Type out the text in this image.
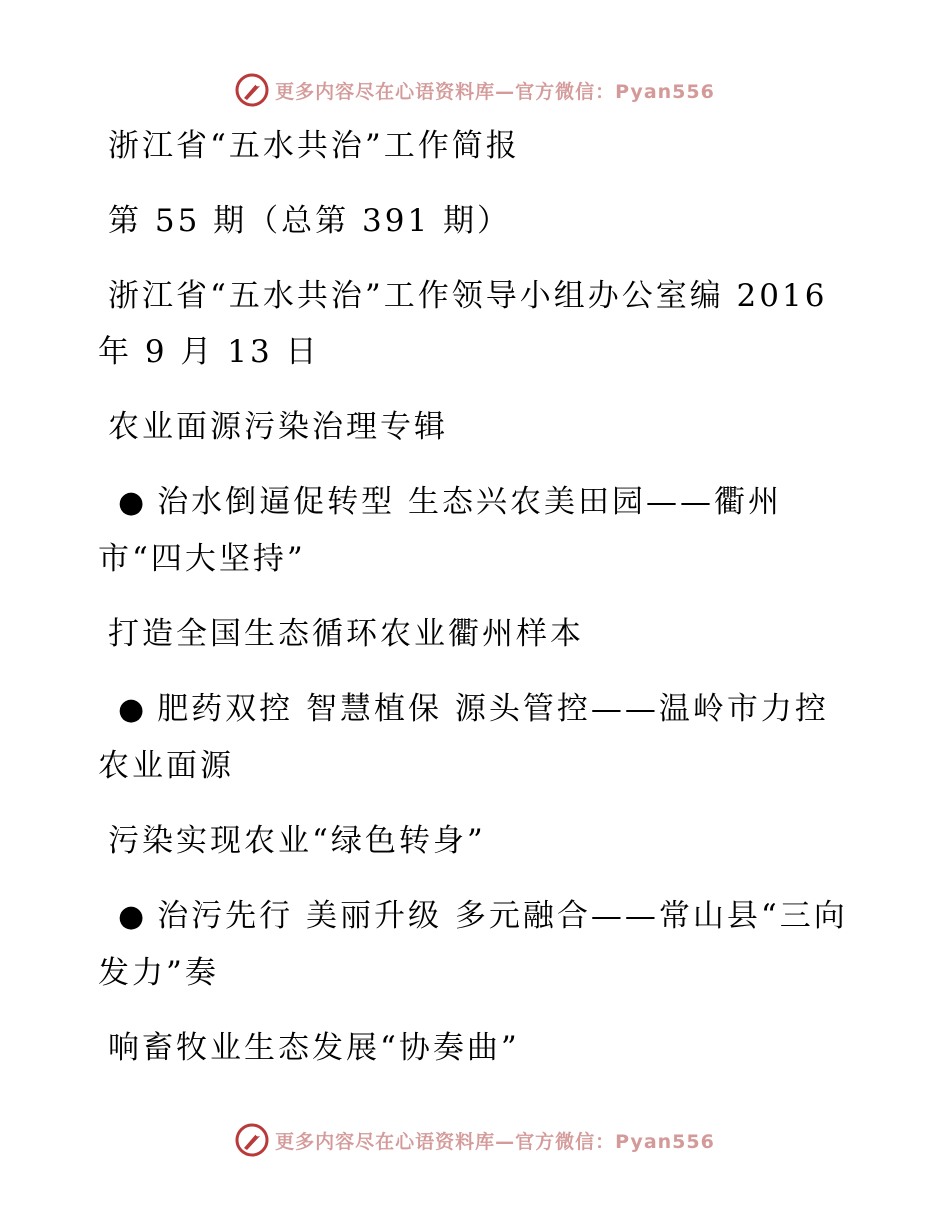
更多内容尽在心语资料库—官方微信：Pyan556

浙江省“五水共治”工作简报

第 55 期（总第 391 期）

浙江省“五水共治”工作领导小组办公室编 2016 年 9 月 13 日

农业面源污染治理专辑

● 治水倒逼促转型 生态兴农美田园——衢州市“四大坚持”

打造全国生态循环农业衢州样本

● 肥药双控 智慧植保 源头管控——温岭市力控农业面源

污染实现农业“绿色转身”

● 治污先行 美丽升级 多元融合——常山县“三向发力”奏

响畜牧业生态发展“协奏曲”

更多内容尽在心语资料库—官方微信：Pyan556
